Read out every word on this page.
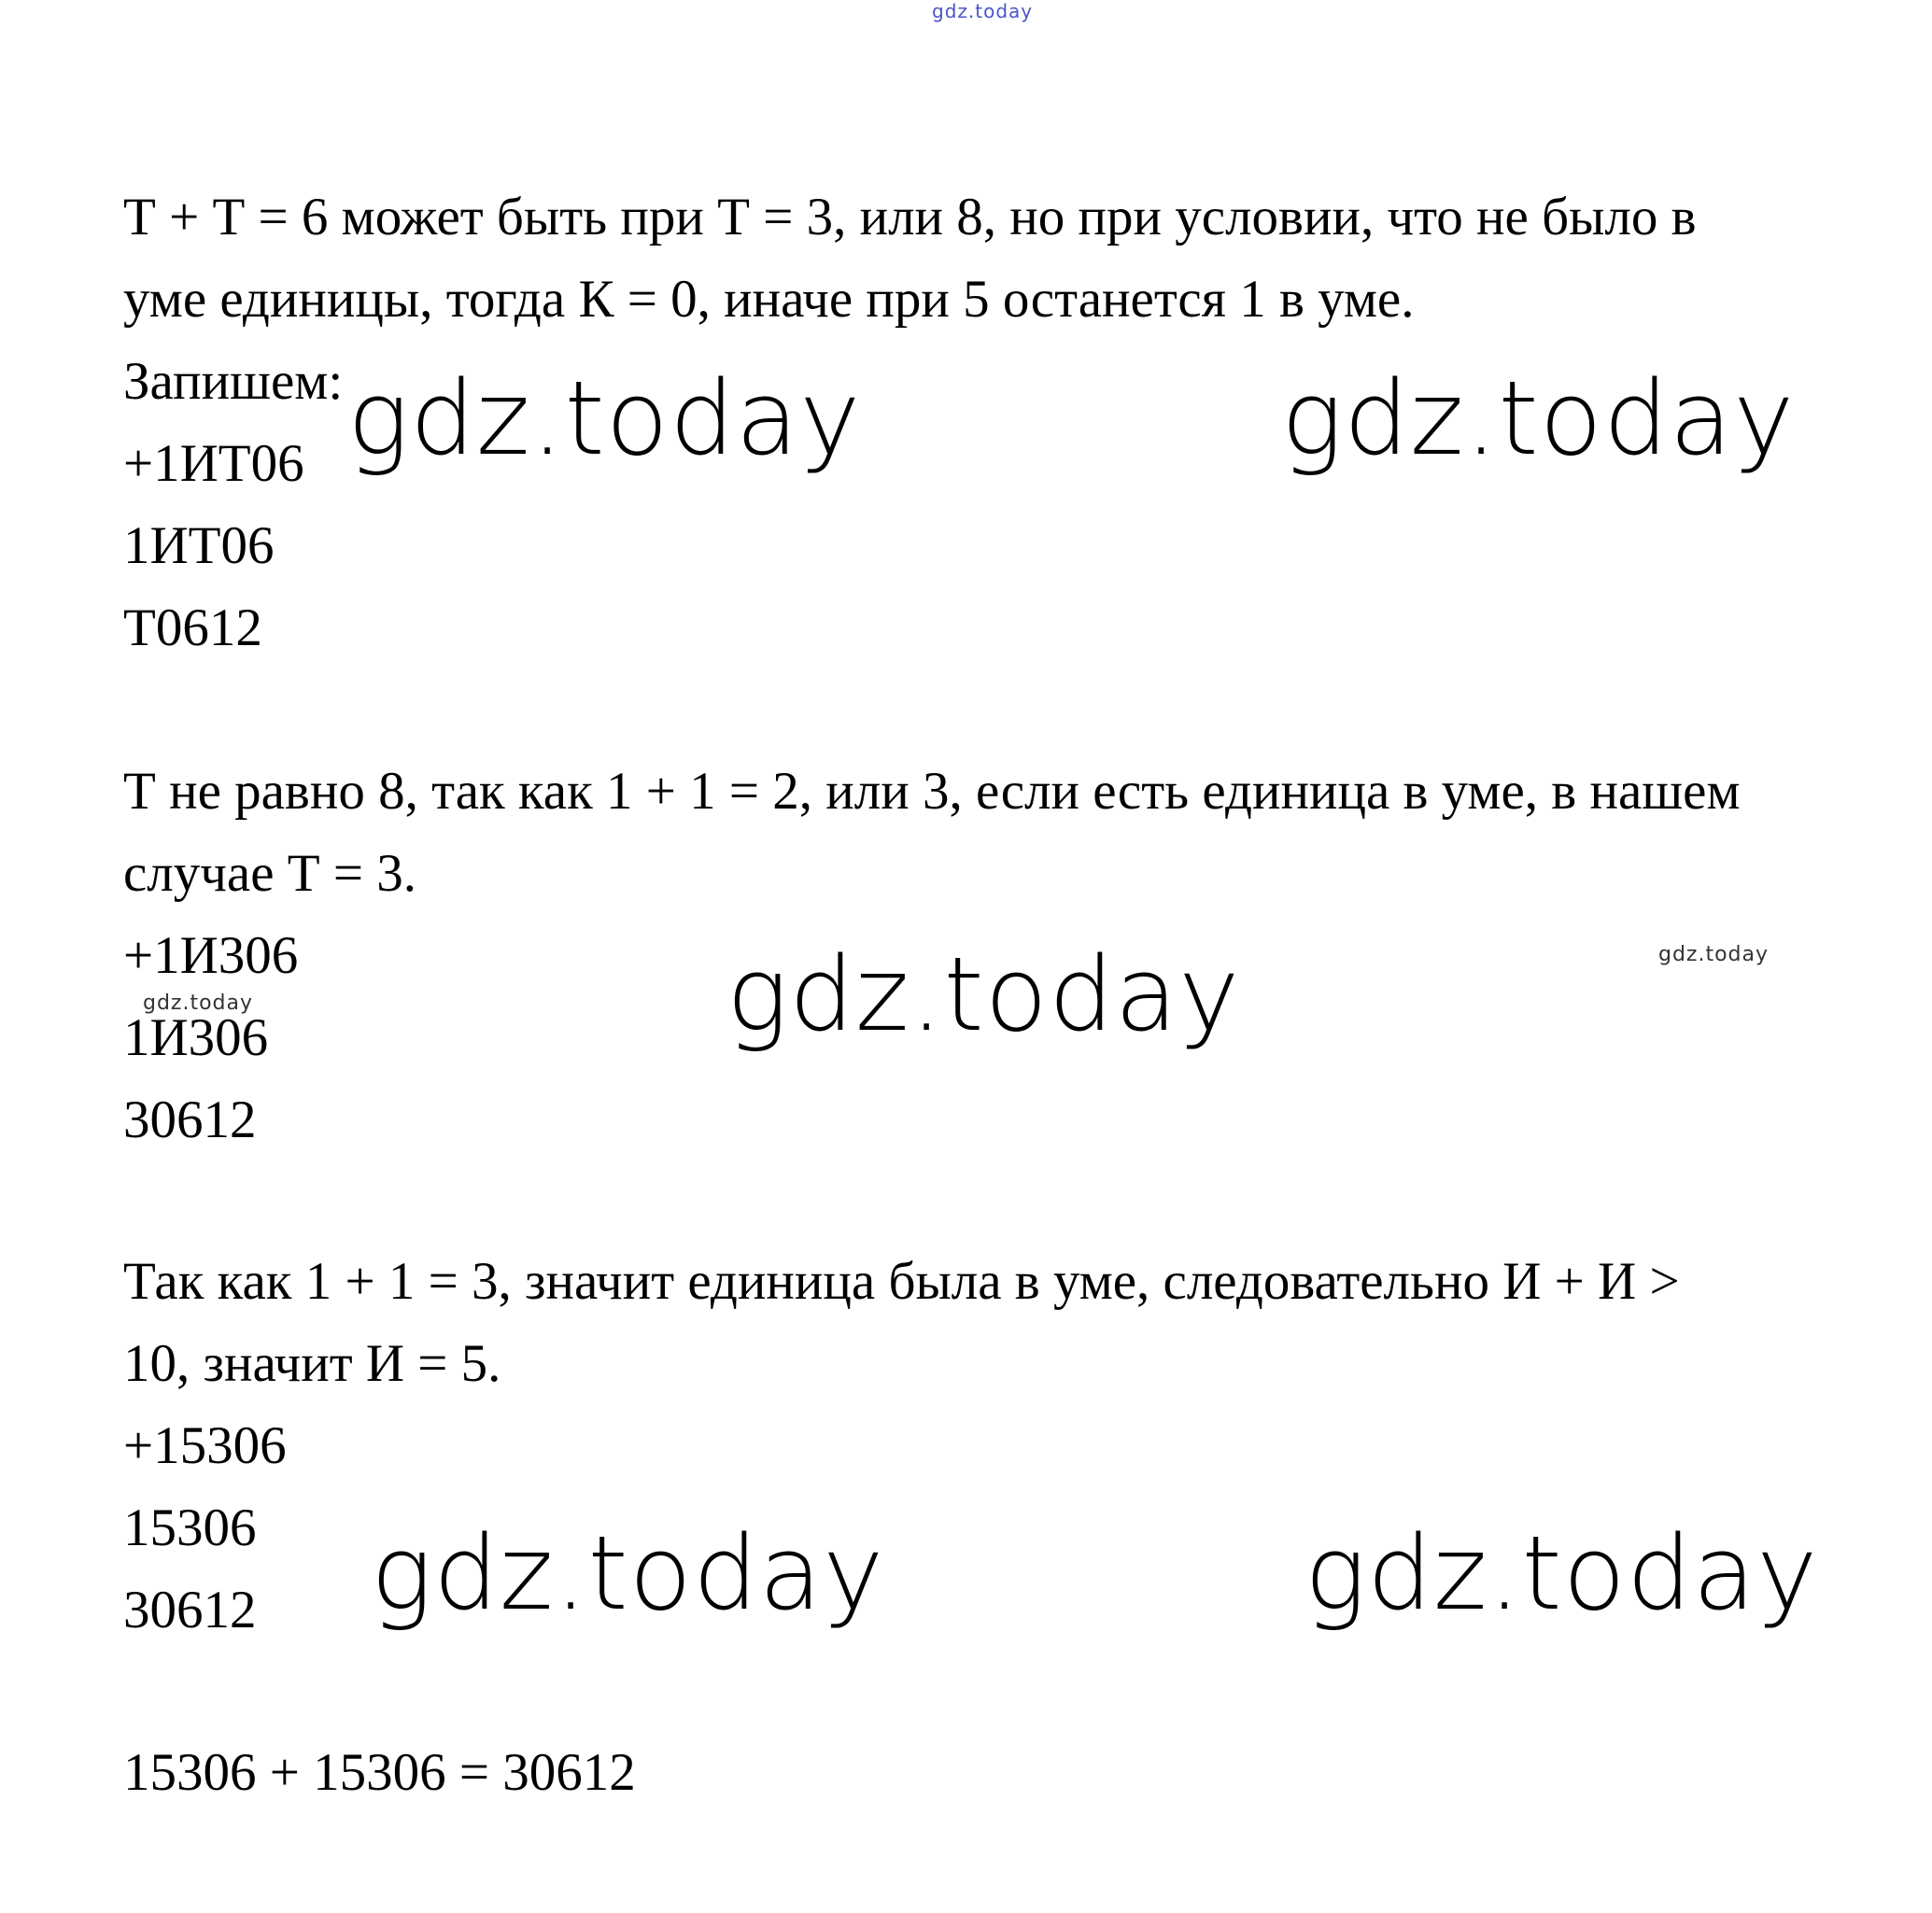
gdz.today
Т + Т = 6 может быть при Т = 3, или 8, но при условии, что не было в
уме единицы, тогда К = 0, иначе при 5 останется 1 в уме.
Запишем:
+1ИТ06
1ИТ06
Т0612
Т не равно 8, так как 1 + 1 = 2, или 3, если есть единица в уме, в нашем
случае Т = 3.
+1И306
1И306
30612
Так как 1 + 1 = 3, значит единица была в уме, следовательно И + И >
10, значит И = 5.
+15306
15306
30612
15306 + 15306 = 30612
gdz.today	gdz.today
gdz.today
gdz.today	gdz.today
gdz.today
gdz.today
